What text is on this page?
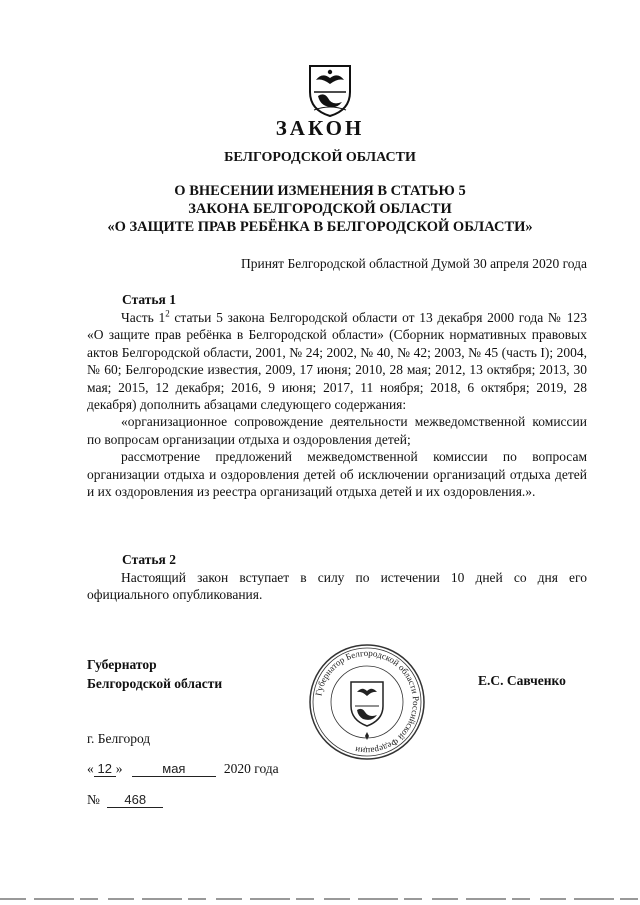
ЗАКОН
БЕЛГОРОДСКОЙ ОБЛАСТИ
О ВНЕСЕНИИ ИЗМЕНЕНИЯ В СТАТЬЮ 5
ЗАКОНА БЕЛГОРОДСКОЙ ОБЛАСТИ
«О ЗАЩИТЕ ПРАВ РЕБЁНКА В БЕЛГОРОДСКОЙ ОБЛАСТИ»
Принят Белгородской областной Думой 30 апреля 2020 года
Статья 1

Часть $1^2$ статьи 5 закона Белгородской области от 13 декабря 2000 года № 123 «О защите прав ребёнка в Белгородской области» (Сборник нормативных правовых актов Белгородской области, 2001, № 24; 2002, № 40, № 42; 2003, № 45 (часть I); 2004, № 60; Белгородские известия, 2009, 17 июня; 2010, 28 мая; 2012, 13 октября; 2013, 30 мая; 2015, 12 декабря; 2016, 9 июня; 2017, 11 ноября; 2018, 6 октября; 2019, 28 декабря) дополнить абзацами следующего содержания:

«организационное сопровождение деятельности межведомственной комиссии по вопросам организации отдыха и оздоровления детей;

рассмотрение предложений межведомственной комиссии по вопросам организации отдыха и оздоровления детей об исключении организаций отдыха детей и их оздоровления из реестра организаций отдыха детей и их оздоровления.».

Статья 2

Настоящий закон вступает в силу по истечении 10 дней со дня его официального опубликования.

Губернатор
Белгородской области
Губернатор Белгородской области Российской Федерации
Е.С. Савченко
г. Белгород
« 12 »	мая	2020 года
№ 468
